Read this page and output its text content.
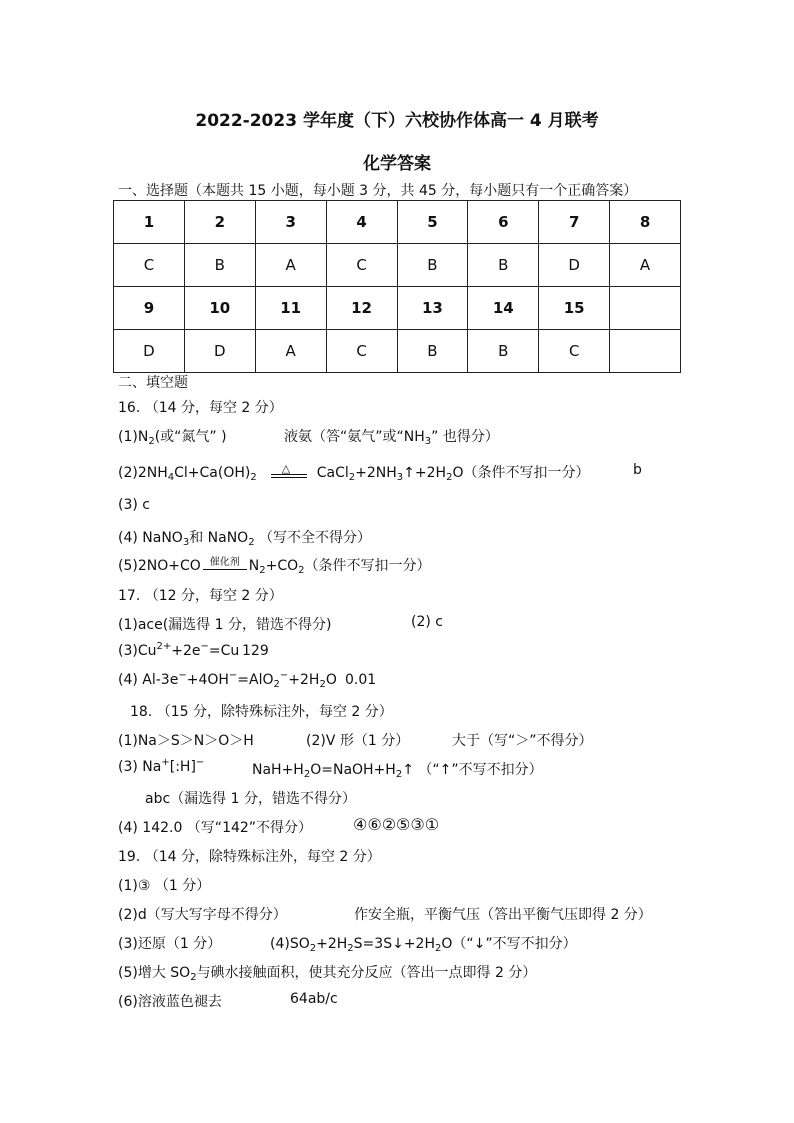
2022-2023 学年度（下）六校协作体高一 4 月联考
化学答案
一、选择题（本题共 15 小题，每小题 3 分，共 45 分，每小题只有一个正确答案）
1	2	3	4	5	6	7	8
C	B	A	C	B	B	D	A
9	10	11	12	13	14	15	
D	D	A	C	B	B	C	
二、填空题
16. （14 分，每空 2 分）
$(1)N_2$(或“氮气” )	液氨（答“氨气”或“$NH_3$” 也得分）
$(2)2NH_4Cl+Ca(OH)_2$
△ $CaCl_2+2NH_3↑+2H_2O$（条件不写扣一分）	b
(3) c
(4) NaNO$_3$和 NaNO$_2$ （写不全不得分）
(5)2NO+CO 催化剂 $N_2+CO_2$（条件不写扣一分）
17. （12 分，每空 2 分）
(1)ace(漏选得 1 分，错选不得分)	(2) c
$(3)Cu^{2+}+2e^-=Cu$ 129
(4) $Al-3e^-+4OH^-=AlO_2^-+2H_2O$ 0.01
18. （15 分，除特殊标注外，每空 2 分）
(1)Na＞S＞N＞O＞H	(2)V 形（1 分）	大于（写“＞”不得分）
(3) Na+[:H]−	$NaH+H_2O=NaOH+H_2↑$ （“↑”不写不扣分）
abc（漏选得 1 分，错选不得分）
(4) 142.0 （写“142”不得分）	④⑥②⑤③①
19. （14 分，除特殊标注外，每空 2 分）
(1)③ （1 分）
(2)d（写大写字母不得分）	作安全瓶，平衡气压（答出平衡气压即得 2 分）
(3)还原（1 分）	$(4)SO_2+2H_2S=3S↓+2H_2O(“↓$”不写不扣分）
(5)增大 $SO_2$与碘水接触面积，使其充分反应（答出一点即得 2 分）
(6)溶液蓝色褪去	64ab/c
